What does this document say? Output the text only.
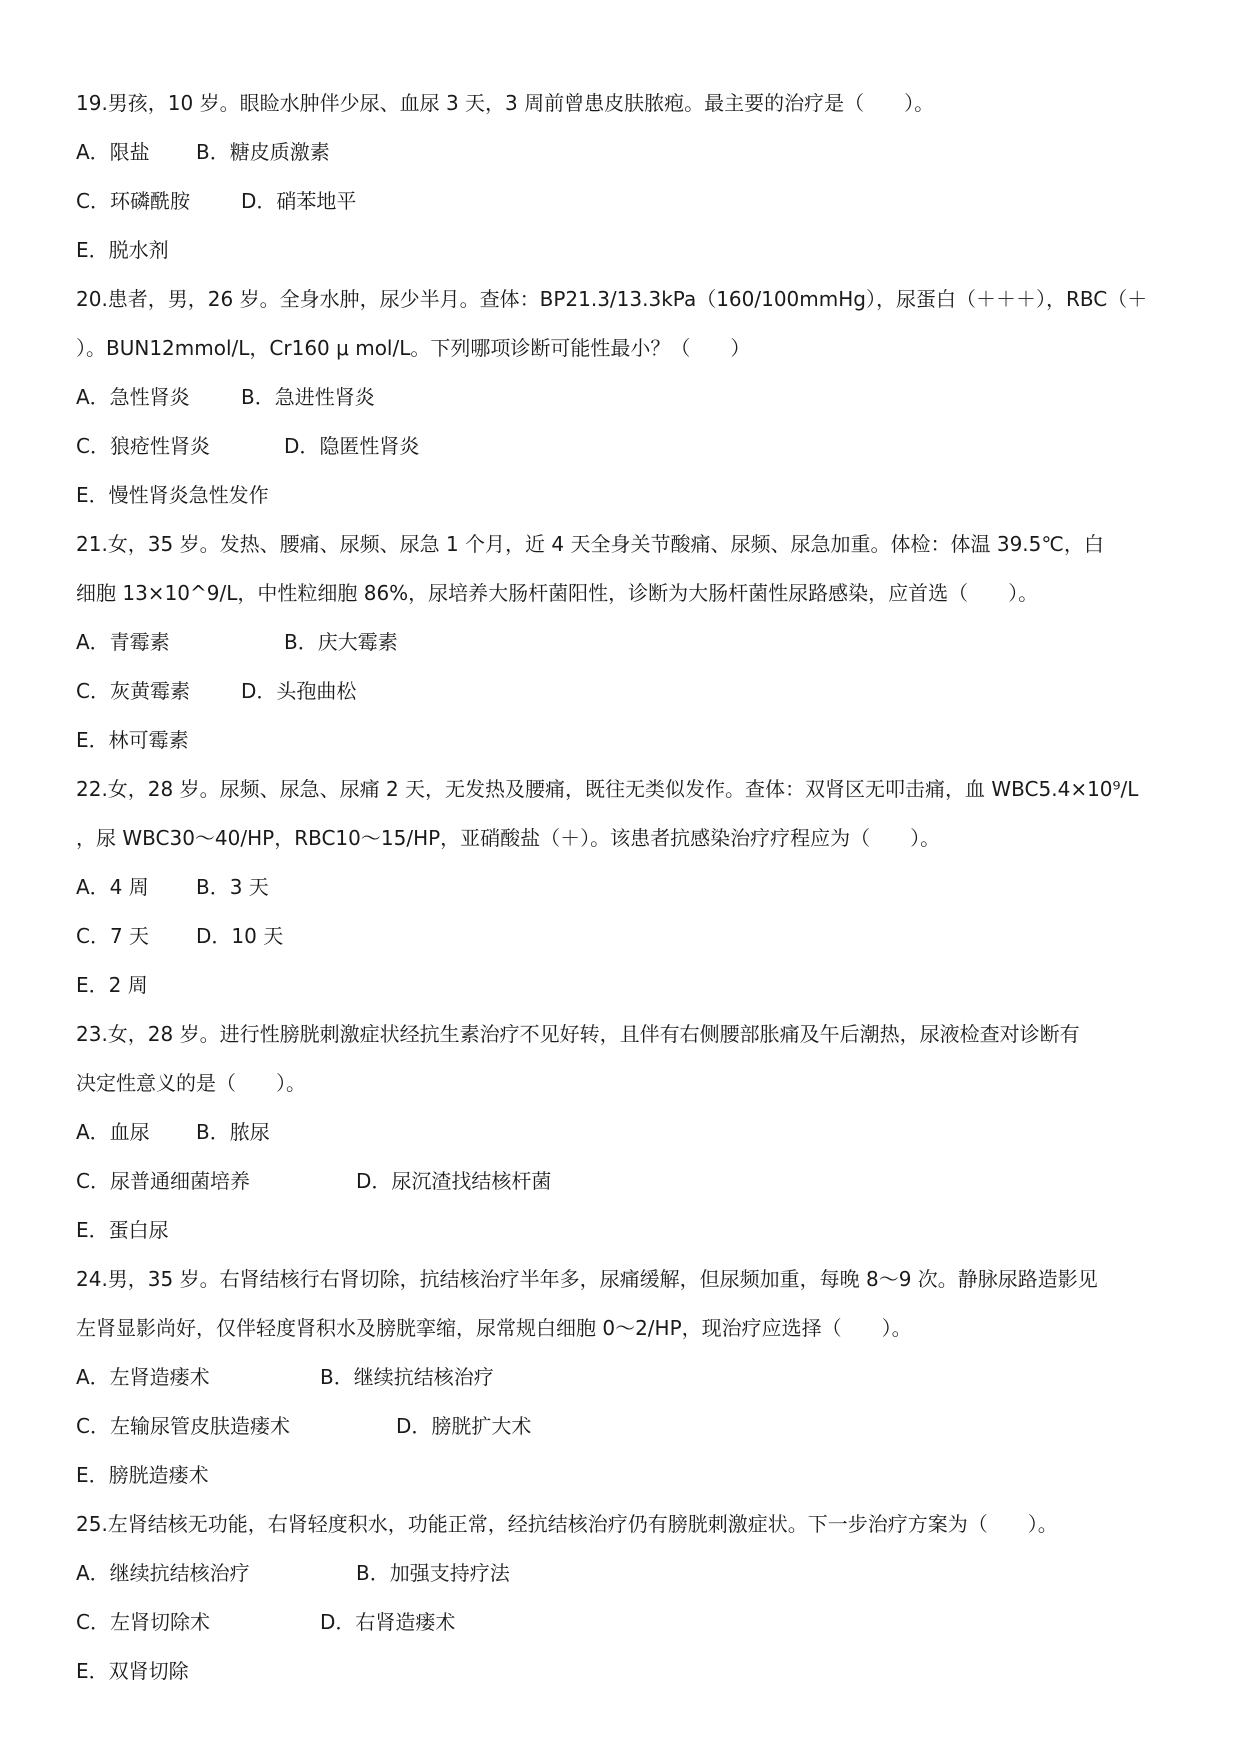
19.男孩，10 岁。眼睑水肿伴少尿、血尿 3 天，3 周前曾患皮肤脓疱。最主要的治疗是（　　）。
A．限盐	B．糖皮质激素
C．环磷酰胺	D．硝苯地平
E．脱水剂
20.患者，男，26 岁。全身水肿，尿少半月。查体：BP21.3/13.3kPa（160/100mmHg），尿蛋白（＋＋＋），RBC（＋
）。BUN12mmol/L，Cr160 μ mol/L。下列哪项诊断可能性最小？（　　）
A．急性肾炎	B．急进性肾炎
C．狼疮性肾炎	D．隐匿性肾炎
E．慢性肾炎急性发作
21.女，35 岁。发热、腰痛、尿频、尿急 1 个月，近 4 天全身关节酸痛、尿频、尿急加重。体检：体温 39.5℃，白
细胞 13×10^9/L，中性粒细胞 86%，尿培养大肠杆菌阳性，诊断为大肠杆菌性尿路感染，应首选（　　）。
A．青霉素	B．庆大霉素
C．灰黄霉素	D．头孢曲松
E．林可霉素
22.女，28 岁。尿频、尿急、尿痛 2 天，无发热及腰痛，既往无类似发作。查体：双肾区无叩击痛，血 WBC5.4×10⁹/L
，尿 WBC30～40/HP，RBC10～15/HP，亚硝酸盐（＋）。该患者抗感染治疗疗程应为（　　）。
A．4 周	B．3 天
C．7 天	D．10 天
E．2 周
23.女，28 岁。进行性膀胱刺激症状经抗生素治疗不见好转，且伴有右侧腰部胀痛及午后潮热，尿液检查对诊断有
决定性意义的是（　　）。
A．血尿	B．脓尿
C．尿普通细菌培养	D．尿沉渣找结核杆菌
E．蛋白尿
24.男，35 岁。右肾结核行右肾切除，抗结核治疗半年多，尿痛缓解，但尿频加重，每晚 8～9 次。静脉尿路造影见
左肾显影尚好，仅伴轻度肾积水及膀胱挛缩，尿常规白细胞 0～2/HP，现治疗应选择（　　）。
A．左肾造瘘术	B．继续抗结核治疗
C．左输尿管皮肤造瘘术	D．膀胱扩大术
E．膀胱造瘘术
25.左肾结核无功能，右肾轻度积水，功能正常，经抗结核治疗仍有膀胱刺激症状。下一步治疗方案为（　　）。
A．继续抗结核治疗	B．加强支持疗法
C．左肾切除术	D．右肾造瘘术
E．双肾切除
